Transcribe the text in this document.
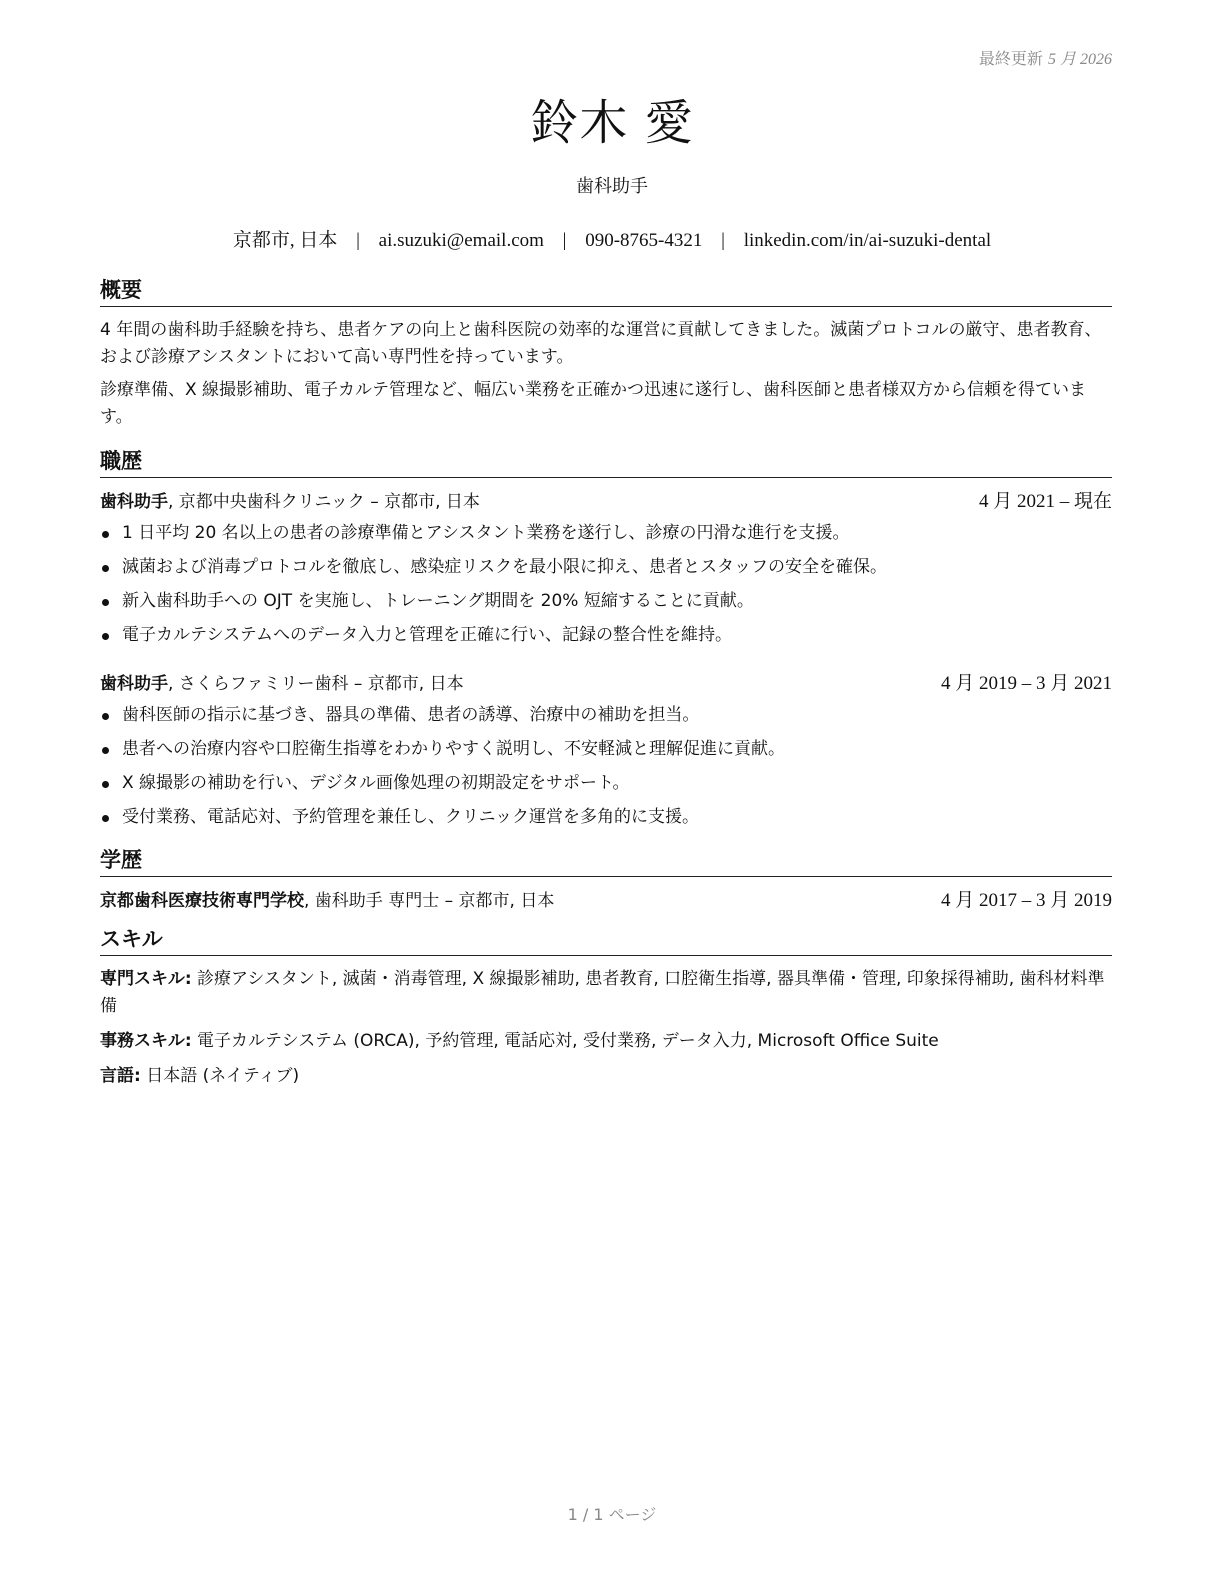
最終更新 5 月 2026
鈴木 愛
歯科助手
京都市, 日本 | ai.suzuki@email.com | 090-8765-4321 | linkedin.com/in/ai-suzuki-dental
概要

4 年間の歯科助手経験を持ち、患者ケアの向上と歯科医院の効率的な運営に貢献してきました。滅菌プロトコルの厳守、患者教育、および診療アシスタントにおいて高い専門性を持っています。

診療準備、X 線撮影補助、電子カルテ管理など、幅広い業務を正確かつ迅速に遂行し、歯科医師と患者様双方から信頼を得ています。

職歴
歯科助手, 京都中央歯科クリニック – 京都市, 日本	4 月 2021 – 現在
1 日平均 20 名以上の患者の診療準備とアシスタント業務を遂行し、診療の円滑な進行を支援。
滅菌および消毒プロトコルを徹底し、感染症リスクを最小限に抑え、患者とスタッフの安全を確保。
新入歯科助手への OJT を実施し、トレーニング期間を 20% 短縮することに貢献。
電子カルテシステムへのデータ入力と管理を正確に行い、記録の整合性を維持。
歯科助手, さくらファミリー歯科 – 京都市, 日本	4 月 2019 – 3 月 2021
歯科医師の指示に基づき、器具の準備、患者の誘導、治療中の補助を担当。
患者への治療内容や口腔衛生指導をわかりやすく説明し、不安軽減と理解促進に貢献。
X 線撮影の補助を行い、デジタル画像処理の初期設定をサポート。
受付業務、電話応対、予約管理を兼任し、クリニック運営を多角的に支援。
学歴
京都歯科医療技術専門学校, 歯科助手 専門士 – 京都市, 日本	4 月 2017 – 3 月 2019
スキル

専門スキル: 診療アシスタント, 滅菌・消毒管理, X 線撮影補助, 患者教育, 口腔衛生指導, 器具準備・管理, 印象採得補助, 歯科材料準備

事務スキル: 電子カルテシステム (ORCA), 予約管理, 電話応対, 受付業務, データ入力, Microsoft Office Suite

言語: 日本語 (ネイティブ)

1 / 1 ページ
